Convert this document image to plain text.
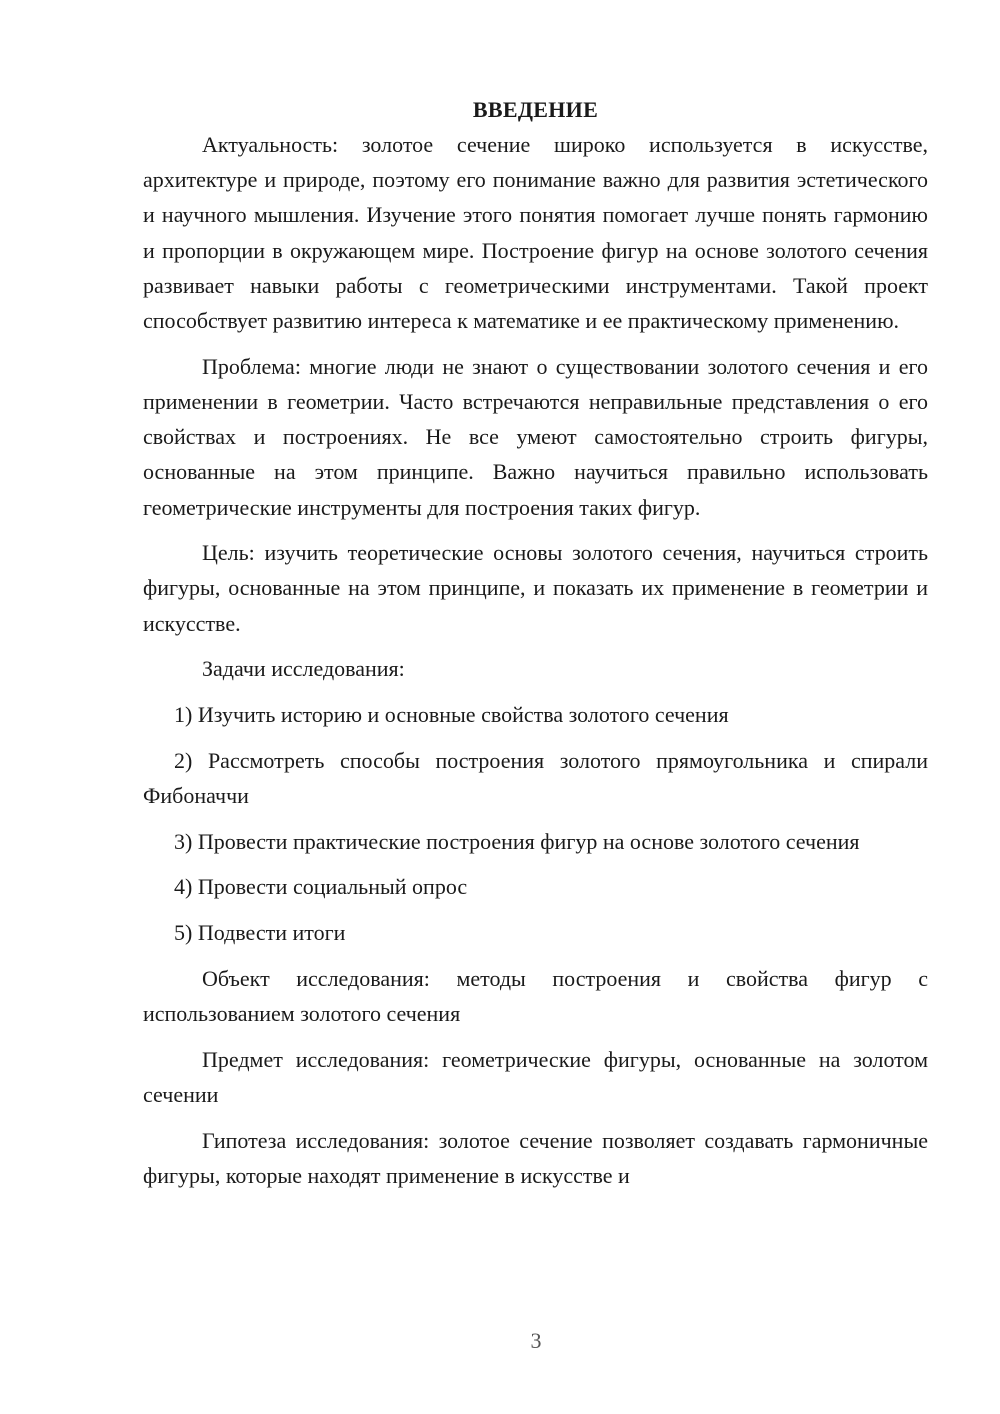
ВВЕДЕНИЕ

Актуальность: золотое сечение широко используется в искусстве, архитектуре и природе, поэтому его понимание важно для развития эстетического и научного мышления. Изучение этого понятия помогает лучше понять гармонию и пропорции в окружающем мире. Построение фигур на основе золотого сечения развивает навыки работы с геометрическими инструментами. Такой проект способствует развитию интереса к математике и ее практическому применению.

Проблема: многие люди не знают о существовании золотого сечения и его применении в геометрии. Часто встречаются неправильные представления о его свойствах и построениях. Не все умеют самостоятельно строить фигуры, основанные на этом принципе. Важно научиться правильно использовать геометрические инструменты для построения таких фигур.

Цель: изучить теоретические основы золотого сечения, научиться строить фигуры, основанные на этом принципе, и показать их применение в геометрии и искусстве.

Задачи исследования:

1) Изучить историю и основные свойства золотого сечения

2) Рассмотреть способы построения золотого прямоугольника и спирали Фибоначчи

3) Провести практические построения фигур на основе золотого сечения

4) Провести социальный опрос

5) Подвести итоги

Объект исследования: методы построения и свойства фигур с использованием золотого сечения

Предмет исследования: геометрические фигуры, основанные на золотом сечении

Гипотеза исследования: золотое сечение позволяет создавать гармоничные фигуры, которые находят применение в искусстве и

3
